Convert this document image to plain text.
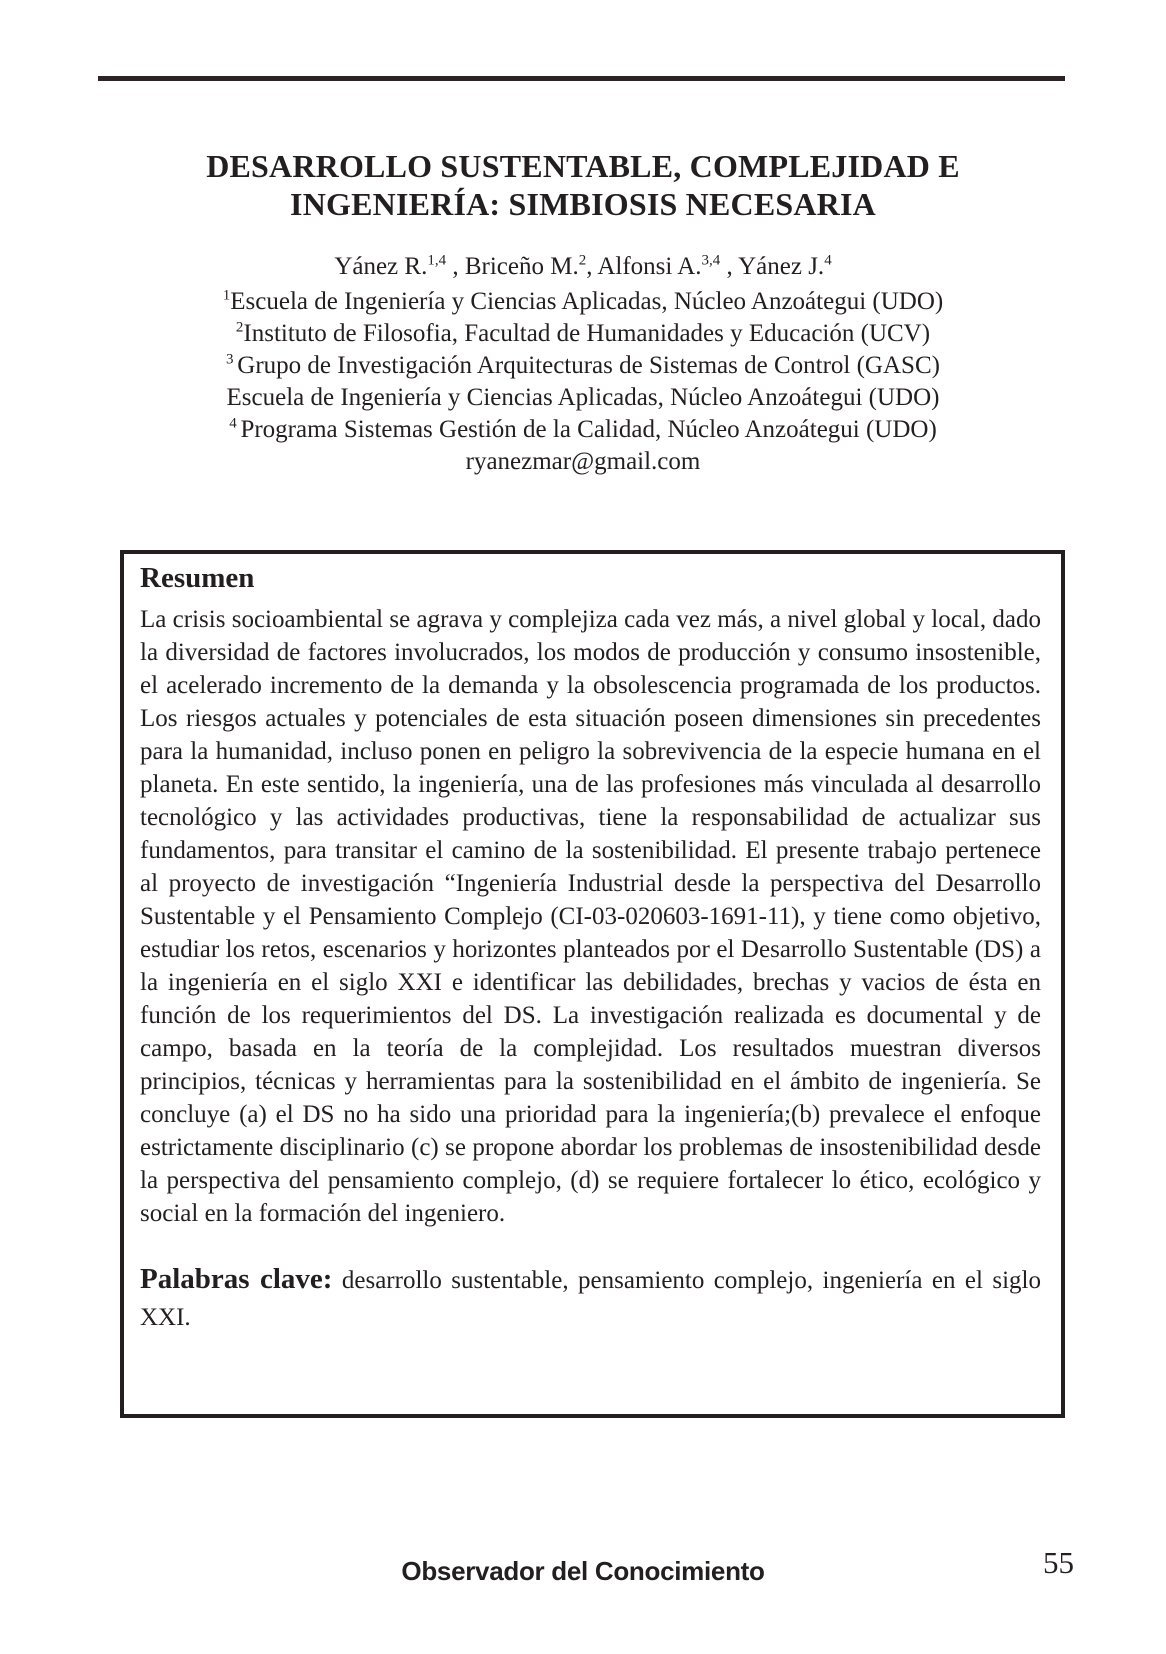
DESARROLLO SUSTENTABLE, COMPLEJIDAD E
INGENIERÍA: SIMBIOSIS NECESARIA

Yánez R.$^{1,4}$ , Briceño M.$^2$, Alfonsi A.$^{3,4}$ , Yánez J.$^4$

$^1$Escuela de Ingeniería y Ciencias Aplicadas, Núcleo Anzoátegui (UDO)

$^2$Instituto de Filosofia, Facultad de Humanidades y Educación (UCV)

$^3$ Grupo de Investigación Arquitecturas de Sistemas de Control (GASC)

Escuela de Ingeniería y Ciencias Aplicadas, Núcleo Anzoátegui (UDO)

$^4$ Programa Sistemas Gestión de la Calidad, Núcleo Anzoátegui (UDO)

ryanezmar@gmail.com

Resumen

La crisis socioambiental se agrava y complejiza cada vez más, a nivel global y local, dado la diversidad de factores involucrados, los modos de producción y consumo insostenible, el acelerado incremento de la demanda y la obsolescencia programada de los productos. Los riesgos actuales y potenciales de esta situación poseen dimensiones sin precedentes para la humanidad, incluso ponen en peligro la sobrevivencia de la especie humana en el planeta. En este sentido, la ingeniería, una de las profesiones más vinculada al desarrollo tecnológico y las actividades productivas, tiene la responsabilidad de actualizar sus fundamentos, para transitar el camino de la sostenibilidad. El presente trabajo pertenece al proyecto de investigación “Ingeniería Industrial desde la perspectiva del Desarrollo Sustentable y el Pensamiento Complejo (CI-03-020603-1691-11), y tiene como objetivo, estudiar los retos, escenarios y horizontes planteados por el Desarrollo Sustentable (DS) a la ingeniería en el siglo XXI e identificar las debilidades, brechas y vacios de ésta en función de los requerimientos del DS. La investigación realizada es documental y de campo, basada en la teoría de la complejidad. Los resultados muestran diversos principios, técnicas y herramientas para la sostenibilidad en el ámbito de ingeniería. Se concluye (a) el DS no ha sido una prioridad para la ingeniería;(b) prevalece el enfoque estrictamente disciplinario (c) se propone abordar los problemas de insostenibilidad desde la perspectiva del pensamiento complejo, (d) se requiere fortalecer lo ético, ecológico y social en la formación del ingeniero.

Palabras clave: desarrollo sustentable, pensamiento complejo, ingeniería en el siglo XXI.

Observador del Conocimiento	55
